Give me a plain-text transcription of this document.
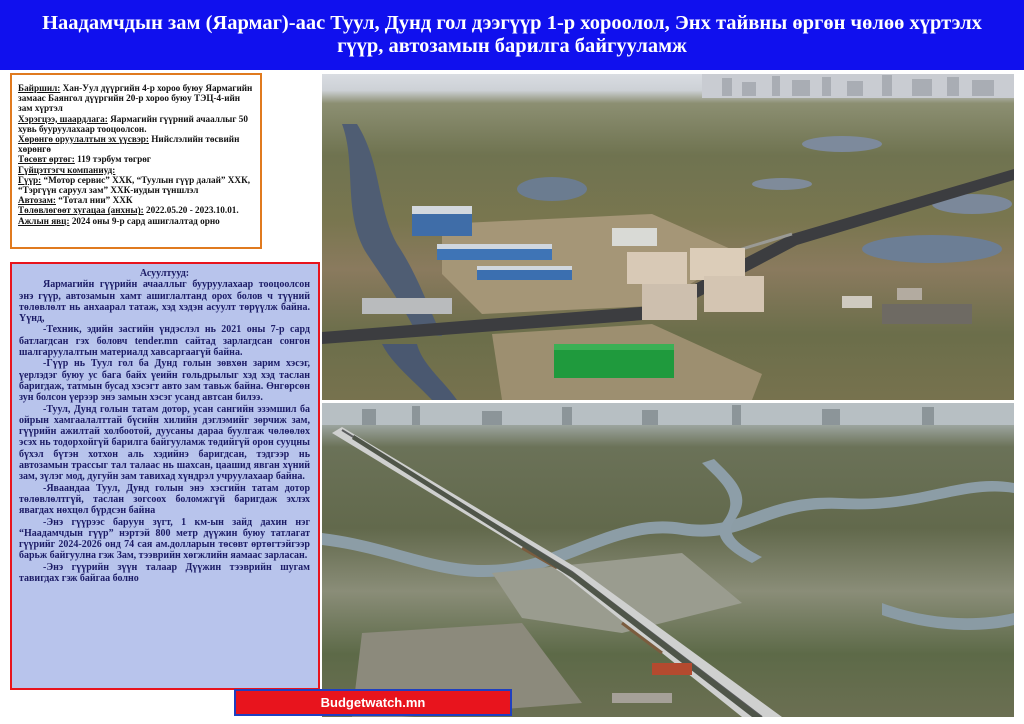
Наадамчдын зам (Яармаг)-аас Туул, Дунд гол дээгүүр 1-р хороолол, Энх тайвны өргөн чөлөө хүртэлх гүүр, автозамын барилга байгууламж
Байршил: Хан-Уул дүүргийн 4-р хороо буюу Яармагийн замаас Баянгол дүүргийн 20-р хороо буюу ТЭЦ-4-ийн зам хүртэл
Хэрэгцээ, шаардлага: Яармагийн гүүрний ачааллыг 50 хувь бууруулахаар тооцоолсон.
Хөрөнгө оруулалтын эх үүсвэр: Нийслэлийн төсвийн хөрөнгө
Төсөвт өртөг: 119 тэрбум төгрөг
Гүйцэтгэгч компаниуд:
Гүүр: “Мотор сервис” ХХК, “Туулын гүүр далай” ХХК, “Тэргүүн саруул зам” ХХК-иудын түншлэл
Автозам: “Тотал нии” ХХК
Төлөвлөгөөт хугацаа (анхны): 2022.05.20 - 2023.10.01.
Ажлын явц: 2024 оны 9-р сард ашиглалтад орно

Асуултууд:

Яармагийн гүүрийн ачааллыг бууруулахаар тооцоолсон энэ гүүр, автозамын хамт ашиглалтанд орох болов ч түүний төлөвлөлт нь анхаарал татаж, хэд хэдэн асуулт төрүүлж байна. Үүнд,

-Техник, эдийн засгийн үндэслэл нь 2021 оны 7-р сард батлагдсан гэх боловч tender.mn сайтад зарлагдсан сонгон шалгаруулалтын материалд хавсаргаагүй байна.

-Гүүр нь Туул гол ба Дунд голын зөвхөн зарим хэсэг, үерлэдэг буюу ус бага байх үеийн гольдрылыг хэд хэд таслан баригдаж, татмын бусад хэсэгт авто зам тавьж байна. Өнгөрсөн зун болсон үерээр энэ замын хэсэг усанд автсан билээ.

-Туул, Дунд голын татам дотор, усан сангийн эзэмшил ба ойрын хамгаалалттай бүсийн хилийн дэглэмийг зөрчиж зам, гүүрийн ажилтай холбоотой, дуусаны дараа буулгаж чөлөөлөх эсэх нь тодорхойгүй барилга байгууламж төдийгүй орон сууцны бүхэл бүтэн хотхон аль хэдийнэ баригдсан, тэдгээр нь автозамын трассыг тал талаас нь шахсан, цаашид явган хүний зам, зүлэг мод, дугуйн зам тавихад хүндрэл учруулахаар байна.

-Яваандаа Туул, Дунд голын энэ хэсгийн татам дотор төлөвлөлтгүй, таслан зогсоох боломжгүй баригдаж эхлэх явагдах нөхцөл бүрдсэн байна

-Энэ гүүрээс баруун зүгт, 1 км-ын зайд дахин нэг “Наадамчдын гүүр” нэртэй 800 метр дүүжин буюу татлагат гүүрийг 2024-2026 онд 74 сая ам.долларын төсөвт өртөгтэйгээр барьж байгуулна гэж Зам, тээврийн хөгжлийн яамаас зарласан.

-Энэ гүүрийн зүүн талаар Дүүжин тээврийн шугам тавигдах гэж байгаа болно

Budgetwatch.mn
